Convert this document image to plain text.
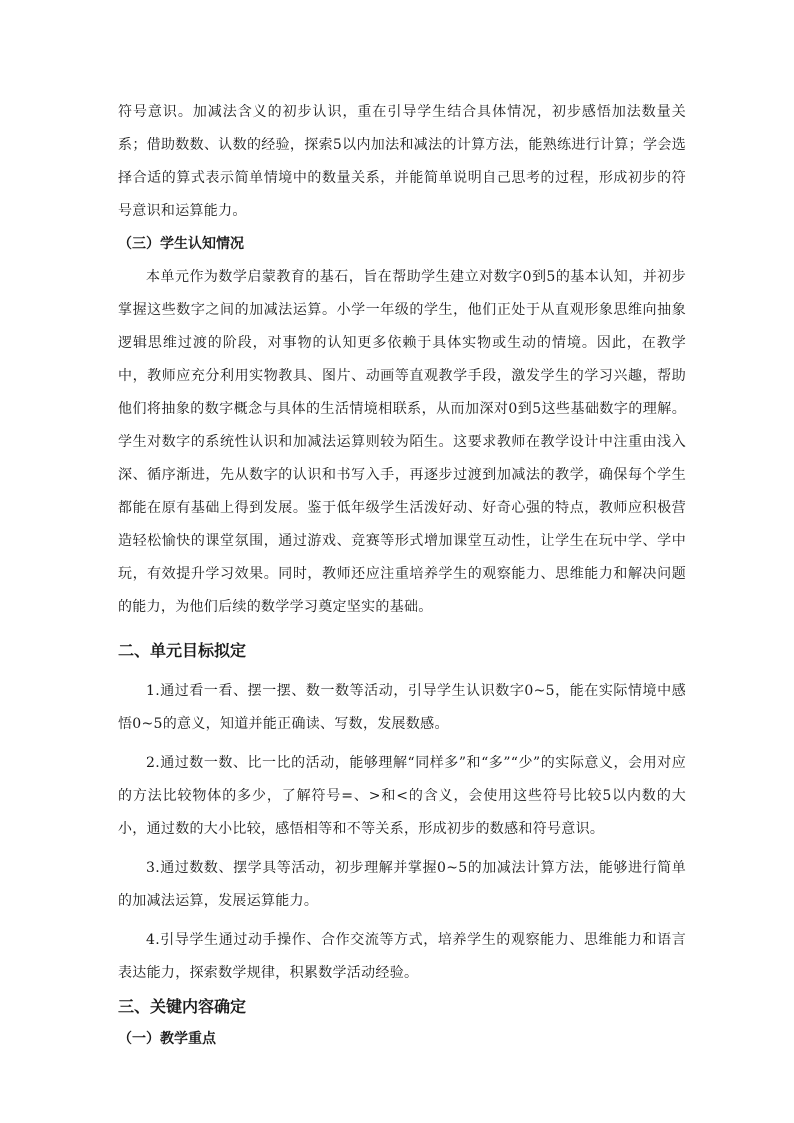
符号意识。加减法含义的初步认识，重在引导学生结合具体情况，初步感悟加法数量关系；借助数数、认数的经验，探索5以内加法和减法的计算方法，能熟练进行计算；学会选择合适的算式表示简单情境中的数量关系，并能简单说明自己思考的过程，形成初步的符号意识和运算能力。

（三）学生认知情况

本单元作为数学启蒙教育的基石，旨在帮助学生建立对数字0到5的基本认知，并初步掌握这些数字之间的加减法运算。小学一年级的学生，他们正处于从直观形象思维向抽象逻辑思维过渡的阶段，对事物的认知更多依赖于具体实物或生动的情境。因此，在教学中，教师应充分利用实物教具、图片、动画等直观教学手段，激发学生的学习兴趣，帮助他们将抽象的数字概念与具体的生活情境相联系，从而加深对0到5这些基础数字的理解。学生对数字的系统性认识和加减法运算则较为陌生。这要求教师在教学设计中注重由浅入深、循序渐进，先从数字的认识和书写入手，再逐步过渡到加减法的教学，确保每个学生都能在原有基础上得到发展。鉴于低年级学生活泼好动、好奇心强的特点，教师应积极营造轻松愉快的课堂氛围，通过游戏、竞赛等形式增加课堂互动性，让学生在玩中学、学中玩，有效提升学习效果。同时，教师还应注重培养学生的观察能力、思维能力和解决问题的能力，为他们后续的数学学习奠定坚实的基础。

二、单元目标拟定

1.通过看一看、摆一摆、数一数等活动，引导学生认识数字0~5，能在实际情境中感悟0~5的意义，知道并能正确读、写数，发展数感。

2.通过数一数、比一比的活动，能够理解“同样多”和“多”“少”的实际意义，会用对应的方法比较物体的多少，了解符号=、>和<的含义，会使用这些符号比较5以内数的大小，通过数的大小比较，感悟相等和不等关系，形成初步的数感和符号意识。

3.通过数数、摆学具等活动，初步理解并掌握0~5的加减法计算方法，能够进行简单的加减法运算，发展运算能力。

4.引导学生通过动手操作、合作交流等方式，培养学生的观察能力、思维能力和语言表达能力，探索数学规律，积累数学活动经验。

三、关键内容确定

（一）教学重点
